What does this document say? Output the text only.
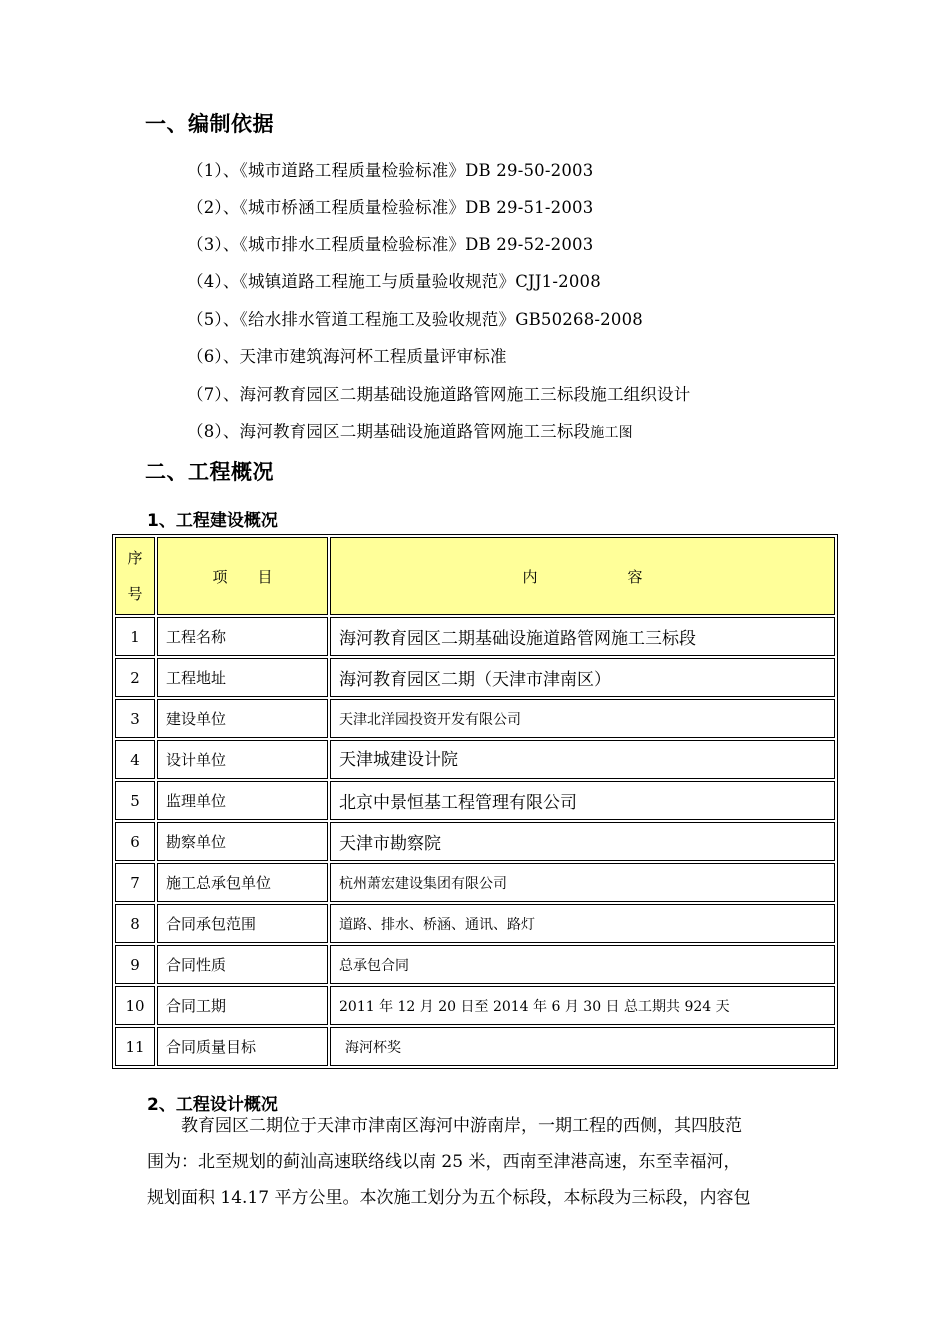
一、编制依据
（1）、《城市道路工程质量检验标准》DB 29-50-2003
（2）、《城市桥涵工程质量检验标准》DB 29-51-2003
（3）、《城市排水工程质量检验标准》DB 29-52-2003
（4）、《城镇道路工程施工与质量验收规范》CJJ1-2008
（5）、《给水排水管道工程施工及验收规范》GB50268-2008
（6）、天津市建筑海河杯工程质量评审标准
（7）、海河教育园区二期基础设施道路管网施工三标段施工组织设计
（8）、海河教育园区二期基础设施道路管网施工三标段施工图
二、工程概况
1、工程建设概况
序
号	项　　目	内　　　　　　容
1	工程名称	海河教育园区二期基础设施道路管网施工三标段
2	工程地址	海河教育园区二期（天津市津南区）
3	建设单位	天津北洋园投资开发有限公司
4	设计单位	天津城建设计院
5	监理单位	北京中景恒基工程管理有限公司
6	勘察单位	天津市勘察院
7	施工总承包单位	杭州萧宏建设集团有限公司
8	合同承包范围	道路、排水、桥涵、通讯、路灯
9	合同性质	总承包合同
10	合同工期	2011 年 12 月 20 日至 2014 年 6 月 30 日 总工期共 924 天
11	合同质量目标	海河杯奖
2、工程设计概况

教育园区二期位于天津市津南区海河中游南岸，一期工程的西侧，其四肢范

围为：北至规划的蓟汕高速联络线以南 25 米，西南至津港高速，东至幸福河，

规划面积 14.17 平方公里。本次施工划分为五个标段，本标段为三标段，内容包
